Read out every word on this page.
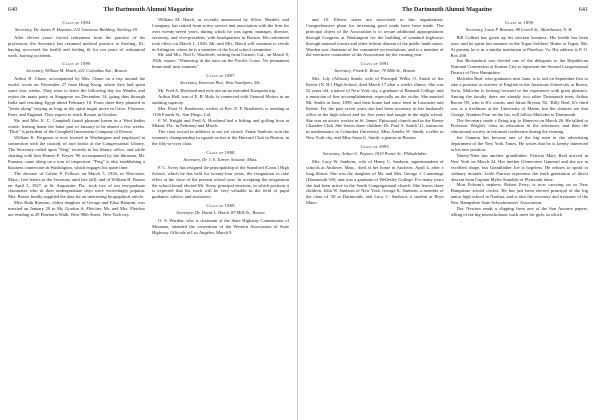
640	The Dartmouth Alumni Magazine
Class of 1894
Secretary, Dr. James P. Houston, 212 Lawrence Building, Sterling, Ill.

After eleven years' forced retirement from the practice of his profession, the Secretary has resumed medical practice at Sterling, Ill., having recovered his health and feeling fit for ten years of substantial work, barring accidents.

Class of 1896
Secretary, William M. Hatch, 221 Columbus Ave., Boston

Arthur H. Chase, accompanied by Mrs. Chase on a trip around the world, wrote on November 27 from Hong Kong, where they had spent some four weeks. They were to leave the following day for Manila, and rejoin the main party at Singapore on December 14, going thus through India and reaching Egypt about February 10. From there they planned to "loiter along" staying as long as the spirit might move in Cairo, Florence, Paris, and England. They expect to reach Boston in October.

Mr. and Mrs. E. C. Campbell found pleasant haven in a West Indies cruise, leaving home the latter part of January to be absent a few weeks. "Dick" is president of the Campbell Investment Company of Denver.

William K. Ferguson is now located in Washington and employed in connection with the custody of rare books at the Congressional Library. The Secretary called upon "Ferg" recently in his library office, and while chatting with him Homer E. Keyes '96 accompanied by the librarian, Mr. Putnam, came along on a tour of inspection. "Ferg" is also establishing a business connection in Washington, which engages his spare time.

The decease of Calvin F. Fellows on March 5, 1926, in Worcester, Mass., (see letters to the Secretary until late fall), and of William H. Baxter on April 3, 1927, at St. Augustine, Fla., took two of our ten-graduate classmates who in their undergraduate days were exceedingly popular. Mrs. Baxter kindly supplied the data for an interesting biographical article.

Miss Ruth Ransom, oldest daughter of George and Elisa Ransom, was married on January 28 to Mr. Gordon A. Fletcher. Mr. and Mrs. Fletcher are residing at 29 Pinehurst Walk, West 98th Street, New York city.

William M. Hatch, as recently announced by Silver, Burdett, and Company, has retired from active service and association with the firm for over twenty-seven years, during which he was agent, manager, director, secretary, and vice-president, with headquarters in Boston. His retirement took effect on March 1, 1926. Mr. and Mrs. Hatch will continue to reside in Arlington, where he is a member of the local school committee.

Mr. and Mrs. Ned C. Wardwell, writing from Carmel, Cal., on March 8, 1926, report: "Wintering in the auto on the Pacific Coast. No permanent home until next summer."

Class of 1887
Secretary, Emerson Rice, West Southport, Me.

Mr. Fred A. Howland and wife are on an extended European trip.

Arthur Hall, son of E. B. Hale, is connected with General Motors in an auditing capacity.

Mrs. Flora O. Bradstreet, widow of Rev. E. P. Bradstreet, is residing at 1156 Fourth St., San Diego, Cal.

F. W. Knight and Fred A. Howland had a fishing and golfing bout at Miami, Fla., in February and March.

The class record in athletics is not yet closed. Frank Sanborn won the women's championship in squash racket at the Harvard Club in Boston, in the fifty-or-over class.

Class of 1888
Secretary, Dr. J. S. Turner, Scituate, Mass.

F. C. Avery has resigned the principalship of the Stamford (Conn.) High School, which he has held for twenty-four years, the resignation to take effect at the close of the present school year. In accepting the resignation the school board elected Mr. Avery principal emeritus, in which position it is expected that his work will be very valuable in the field of pupil guidance, advice, and assistance.

Class of 1889
Secretary, Dr. David L. Hatch, 87 Milk St., Boston

O. S. Warden, who is chairman of the State Highway Commission of Montana, attended the convention of the Western Association of State Highway Officials at Los Angeles, March 9

The Dartmouth Alumni Magazine	641

and 10. Eleven states are associated in this organization. Comprehensive plans for increasing good roads have been made. The principal object of the Association is to secure additional appropriations through Congress at Washington for the building of standard highways through national forests and other federal domain of the public lands states. Warden was chairman of the committee on resolutions, and is a member of the executive committee of the Association for the ensuing year.

Class of 1891
Secretary, Frank E. Rowe, 79 Milk St., Boston

Mrs. Lily (Allison) Smith, wife of Principal Willis O. Smith of the Keene (N. H.) High School, died March 17 after a week's illness. She was 52 years old, a native of New York city, a graduate of Barnard College, and a musician of fine accomplishments, especially on the violin. She married Mr. Smith in June, 1899, and their home had since been in Lancaster and Keene. For the past seven years she had been secretary in her husband's office at the high school and for five years had taught in the night school. She was an active worker in St. James' Episcopal church and in the Keene Chamber Club. She leaves three children, Dr. Paul A. Smith '21, instructor in mathematics in Columbia University, Miss Amelia W. Smith, a teller in New York city, and Miss Anna G. Smith, a pianist in Boston.

Class of 1893
Secretary, Arthur G. Payson, 1819 Porter St., Philadelphia

Mrs. Lucy W. Sanborn, wife of Henry C. Sanborn, superintendent of schools at Andover, Mass., died at her home in Andover, April 4, after a long illness. She was the daughter of Mr. and Mrs. George J. Cummings (Dartmouth '69), and was a graduate of Wellesley College. For many years she had been active in the South Congregational church. She leaves three children, John W. Sanborn of New York, George K. Sanborn, a member of the class of '28 at Dartmouth, and Lucy C. Sanborn, a student at Bryn Mawr.

Class of 1899
Secretary, Louis P. Benezet, 88 Lowell St., Manchester, N. H.

Bill Colbert has given up his chicken business. His health has been poor, and he spent last summer in the Togus Soldiers' Home at Togus, Me. At present he is in a similar institution at Phoebus, Va. His address is P. O. Box 208.

Jim Richardson was elected one of the delegates to the Republican National Convention at Kansas City to represent the Second Congressional District of New Hampshire.

Malcolm Beal, who graduates next June, is to sail on September first to take a position as teacher of English in the American University at Beirut, Syria. Malcolm is looking forward to the experience with great pleasure. Among the faculty there are already two other Dartmouth men, Arthur Bacon '09, who is K's cousin, and Julius Bryson '02. 'Billy Beal, K's third son, is a freshman at the University of Maine, but the chances are that George, Number Four on the list, will follow Malcolm to Dartmouth.

The Secretary made a flying trip to Hanover on March 26. He talked to Professor Wright's class in education in the afternoon, and then the educational society in informal conference during the evening.

Joe Gannon has become one of the big men in the advertising department of the New York Times. He writes that he is keenly interested in his new position.

Ninety-Nine has another grandfather. Patricia Mary Beal arrived in New York on March 24. Her mother (Genevieve Gannon) and she are in excellent shape, but Grandfather Joe is hopeless. He refuses to speak to ordinary mortals. Little Patricia represents the tenth generation of direct descent from Captain Myles Standish of Plymouth fame.

Mon Folsom's nephew, Robert Perry, is now carrying on in New Hampshire school circles. He has just been elected principal of the big junior high school in Nashua, and is also the secretary and treasurer of the New Hampshire State Schoolmasters' Association.

Doc Newton sends a clipping from one of the San Antonio papers, telling of the big interscholastic track meet for girls, in which
